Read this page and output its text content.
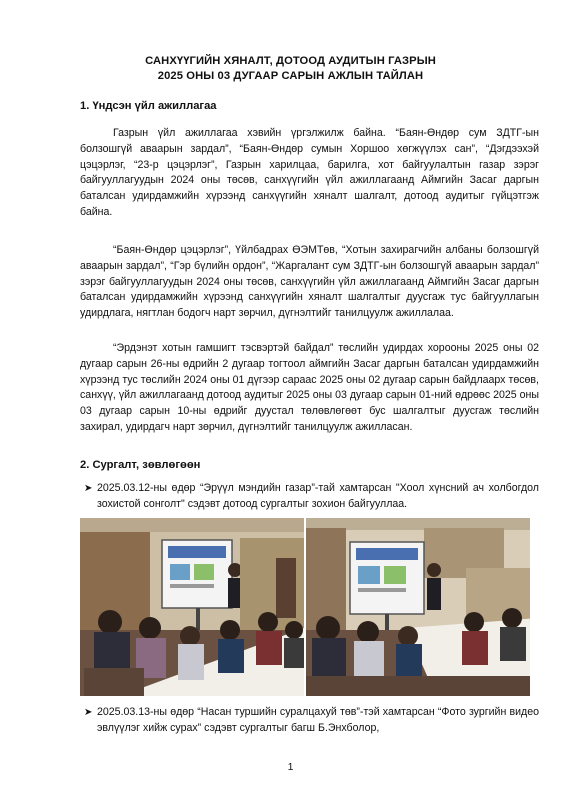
САНХҮҮГИЙН ХЯНАЛТ, ДОТООД АУДИТЫН ГАЗРЫН
2025 ОНЫ 03 ДУГААР САРЫН АЖЛЫН ТАЙЛАН
1. Үндсэн үйл ажиллагаа

Газрын үйл ажиллагаа хэвийн үргэлжилж байна. “Баян-Өндөр сум ЗДТГ-ын болзошгүй аваарын зардал”, “Баян-Өндөр сумын Хоршоо хөгжүүлэх сан”, “Дэгдээхэй цэцэрлэг, “23-р цэцэрлэг”, Газрын харилцаа, барилга, хот байгуулалтын газар зэрэг байгууллагуудын 2024 оны төсөв, санхүүгийн үйл ажиллагаанд Аймгийн Засаг даргын баталсан удирдамжийн хүрээнд санхүүгийн хяналт шалгалт, дотоод аудитыг гүйцэтгэж байна.

“Баян-Өндөр цэцэрлэг”, Үйлбадрах ӨЭМТөв, “Хотын захирагчийн албаны болзошгүй аваарын зардал”, “Гэр бүлийн ордон”, “Жаргалант сум ЗДТГ-ын болзошгүй аваарын зардал” зэрэг байгууллагуудын 2024 оны төсөв, санхүүгийн үйл ажиллагаанд Аймгийн Засаг даргын баталсан удирдамжийн хүрээнд санхүүгийн хяналт шалгалтыг дуусгаж тус байгууллагын удирдлага, нягтлан бодогч нарт зөрчил, дүгнэлтийг танилцуулж ажиллалаа.

“Эрдэнэт хотын гамшигт тэсвэртэй байдал” төслийн удирдах хорооны 2025 оны 02 дугаар сарын 26-ны өдрийн 2 дугаар тогтоол аймгийн Засаг даргын баталсан удирдамжийн хүрээнд тус төслийн 2024 оны 01 дүгээр сараас 2025 оны 02 дугаар сарын байдлаарх төсөв, санхүү, үйл ажиллагаанд дотоод аудитыг 2025 оны 03 дугаар сарын 01-ний өдрөөс 2025 оны 03 дугаар сарын 10-ны өдрийг дуустал төлөвлөгөөт бус шалгалтыг дуусгаж төслийн захирал, удирдагч нарт зөрчил, дүгнэлтийг танилцуулж ажилласан.

2. Сургалт, зөвлөгөөн
➤ 2025.03.12-ны өдөр “Эрүүл мэндийн газар”-тай хамтарсан "Хоол хүнсний ач холбогдол зохистой сонголт" сэдэвт дотоод сургалтыг зохион байгууллаа.
➤ 2025.03.13-ны өдөр “Насан туршийн суралцахуй төв”-тэй хамтарсан “Фото зургийн видео эвлүүлэг хийж сурах” сэдэвт сургалтыг багш Б.Энхболор,
1
